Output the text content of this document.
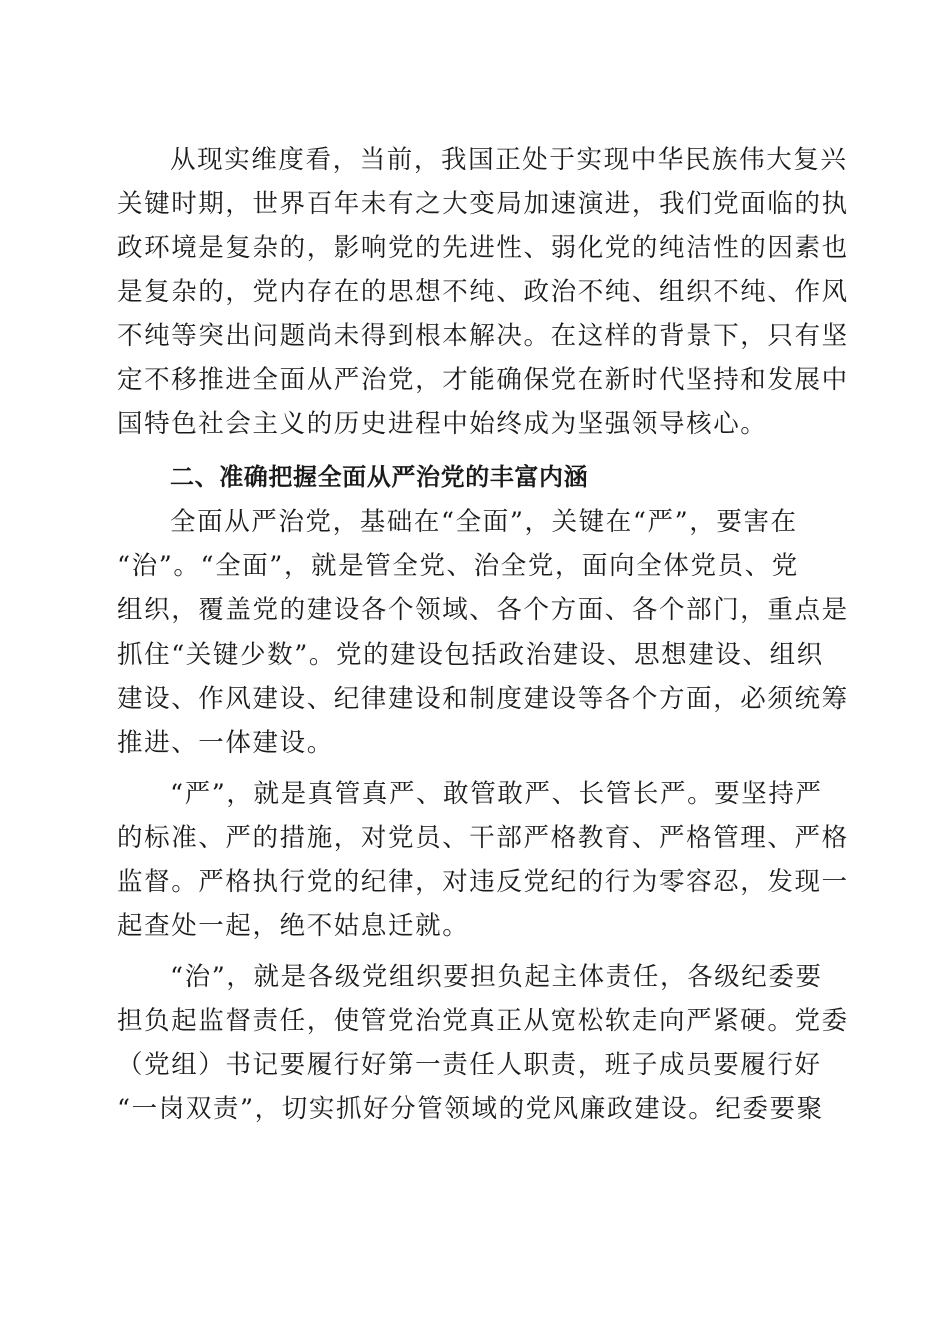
从现实维度看，当前，我国正处于实现中华民族伟大复兴
关键时期，世界百年未有之大变局加速演进，我们党面临的执
政环境是复杂的，影响党的先进性、弱化党的纯洁性的因素也
是复杂的，党内存在的思想不纯、政治不纯、组织不纯、作风
不纯等突出问题尚未得到根本解决。在这样的背景下，只有坚
定不移推进全面从严治党，才能确保党在新时代坚持和发展中
国特色社会主义的历史进程中始终成为坚强领导核心。
二、准确把握全面从严治党的丰富内涵
全面从严治党，基础在“全面”，关键在“严”，要害在
“治”。“全面”，就是管全党、治全党，面向全体党员、党
组织，覆盖党的建设各个领域、各个方面、各个部门，重点是
抓住“关键少数”。党的建设包括政治建设、思想建设、组织
建设、作风建设、纪律建设和制度建设等各个方面，必须统筹
推进、一体建设。
“严”，就是真管真严、敢管敢严、长管长严。要坚持严
的标准、严的措施，对党员、干部严格教育、严格管理、严格
监督。严格执行党的纪律，对违反党纪的行为零容忍，发现一
起查处一起，绝不姑息迁就。
“治”，就是各级党组织要担负起主体责任，各级纪委要
担负起监督责任，使管党治党真正从宽松软走向严紧硬。党委
（党组）书记要履行好第一责任人职责，班子成员要履行好
“一岗双责”，切实抓好分管领域的党风廉政建设。纪委要聚
